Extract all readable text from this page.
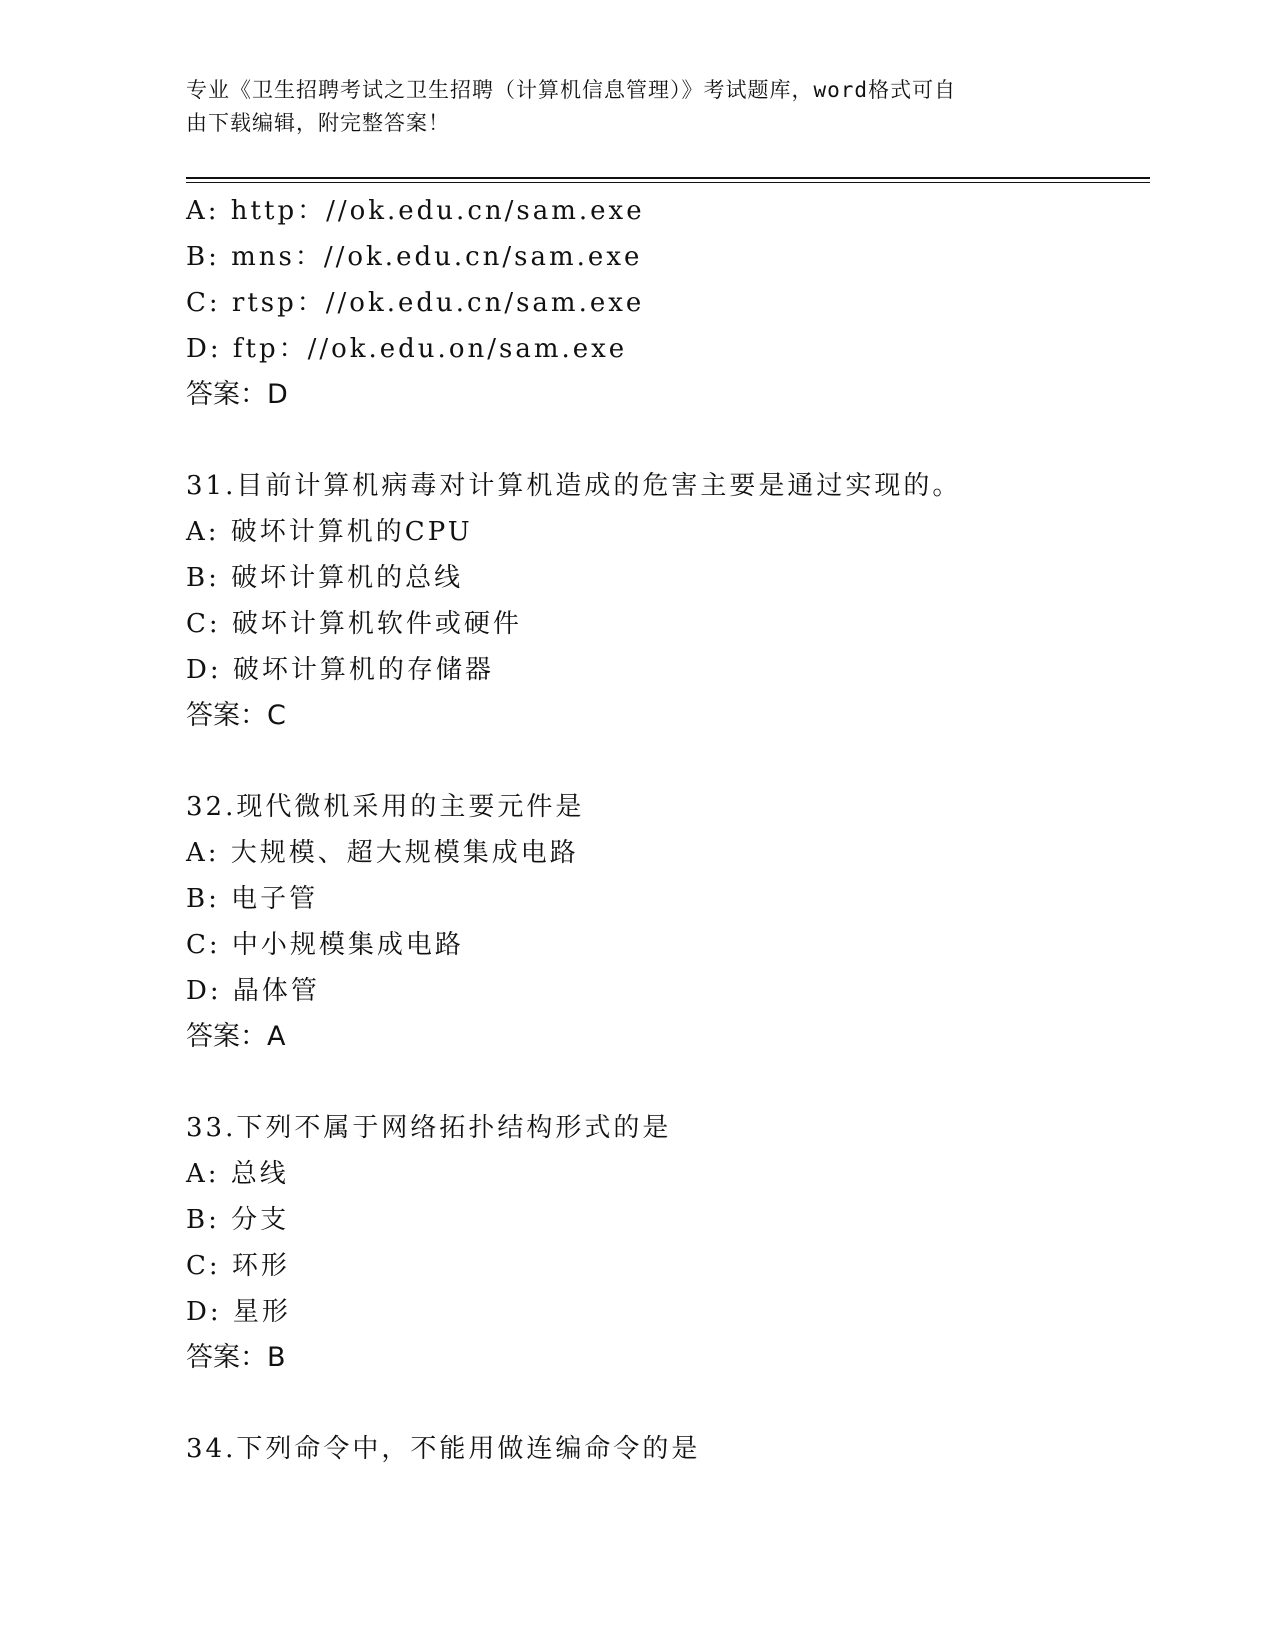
专业《卫生招聘考试之卫生招聘（计算机信息管理）》考试题库，word格式可自
由下载编辑，附完整答案！
A: http：//ok.edu.cn/sam.exe
B: mns：//ok.edu.cn/sam.exe
C: rtsp：//ok.edu.cn/sam.exe
D: ftp：//ok.edu.on/sam.exe
答案：D
31.目前计算机病毒对计算机造成的危害主要是通过实现的。
A: 破坏计算机的CPU
B: 破坏计算机的总线
C: 破坏计算机软件或硬件
D: 破坏计算机的存储器
答案：C
32.现代微机采用的主要元件是
A: 大规模、超大规模集成电路
B: 电子管
C: 中小规模集成电路
D: 晶体管
答案：A
33.下列不属于网络拓扑结构形式的是
A: 总线
B: 分支
C: 环形
D: 星形
答案：B
34.下列命令中，不能用做连编命令的是
